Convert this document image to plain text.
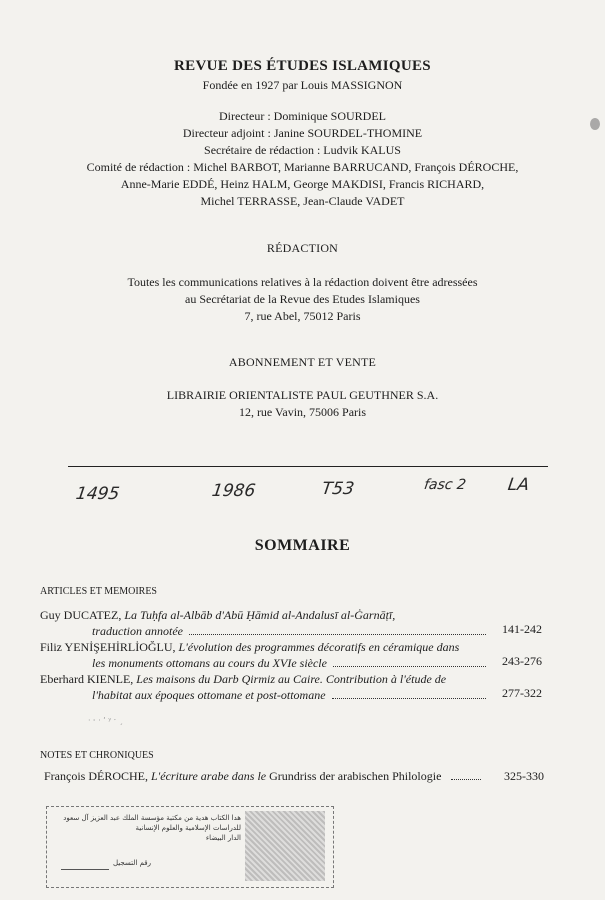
REVUE DES ÉTUDES ISLAMIQUES
Fondée en 1927 par Louis MASSIGNON
Directeur : Dominique SOURDEL
Directeur adjoint : Janine SOURDEL-THOMINE
Secrétaire de rédaction : Ludvik KALUS
Comité de rédaction : Michel BARBOT, Marianne BARRUCAND, François DÉROCHE,
Anne-Marie EDDÉ, Heinz HALM, George MAKDISI, Francis RICHARD,
Michel TERRASSE, Jean-Claude VADET
RÉDACTION
Toutes les communications relatives à la rédaction doivent être adressées
au Secrétariat de la Revue des Etudes Islamiques
7, rue Abel, 75012 Paris
ABONNEMENT ET VENTE
LIBRAIRIE ORIENTALISTE PAUL GEUTHNER S.A.
12, rue Vavin, 75006 Paris
1495	1986	T53	fasc 2 LA
SOMMAIRE
ARTICLES ET MEMOIRES
Guy DUCATEZ, La Tuḥfa al-Albāb d'Abū Ḥāmid al-Andalusī al-Ġarnāṭī,
traduction annotée	141-242
Filiz YENİŞEHİRLİOĞLU, L'évolution des programmes décoratifs en céramique dans
les monuments ottomans au cours du XVIe siècle	243-276
Eberhard KIENLE, Les maisons du Darb Qirmiz au Caire. Contribution à l'étude de
l'habitat aux époques ottomane et post-ottomane	277-322
· ˒ · ʼ ʸ ˑ ˏ
NOTES ET CHRONIQUES
François DÉROCHE,
L'écriture arabe dans le
Grundriss der arabischen Philologie	325-330
هدا الكتاب هدية من مكتبة مؤسسة الملك عبد العزيز آل سعود
للدراسات الإسلامية والعلوم الإنسانية
الدار البيضاء
رقم التسجيل
